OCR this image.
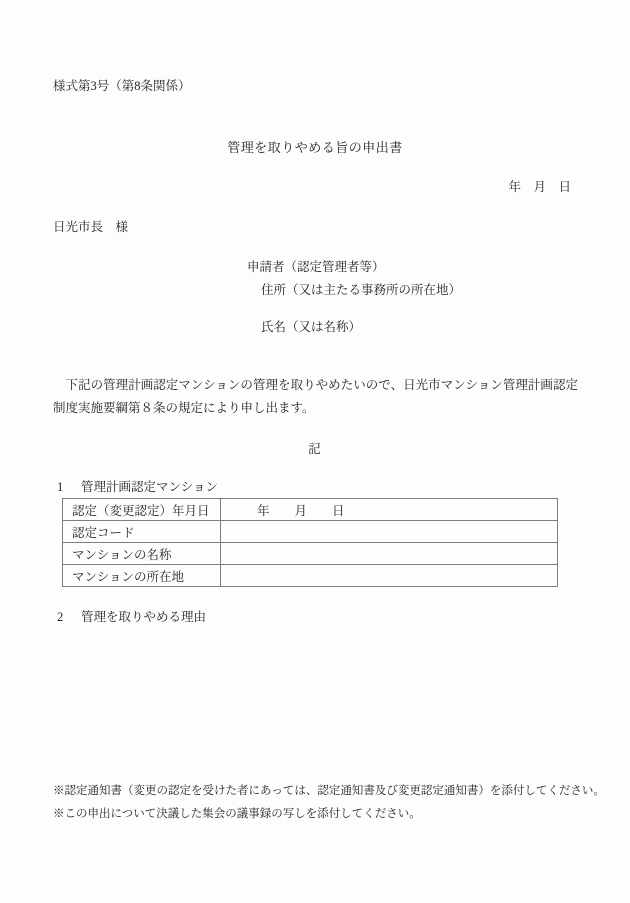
様式第3号（第8条関係）
管理を取りやめる旨の申出書
年　月　日
日光市長　様
申請者（認定管理者等）
住所（又は主たる事務所の所在地）
氏名（又は名称）

　下記の管理計画認定マンションの管理を取りやめたいので、日光市マンション管理計画認定制度実施要綱第８条の規定により申し出ます。

記
1 管理計画認定マンション
認定（変更認定）年月日	年　　月　　日
認定コード	
マンションの名称	
マンションの所在地	
2 管理を取りやめる理由
※認定通知書（変更の認定を受けた者にあっては、認定通知書及び変更認定通知書）を添付してください。
※この申出について決議した集会の議事録の写しを添付してください。
